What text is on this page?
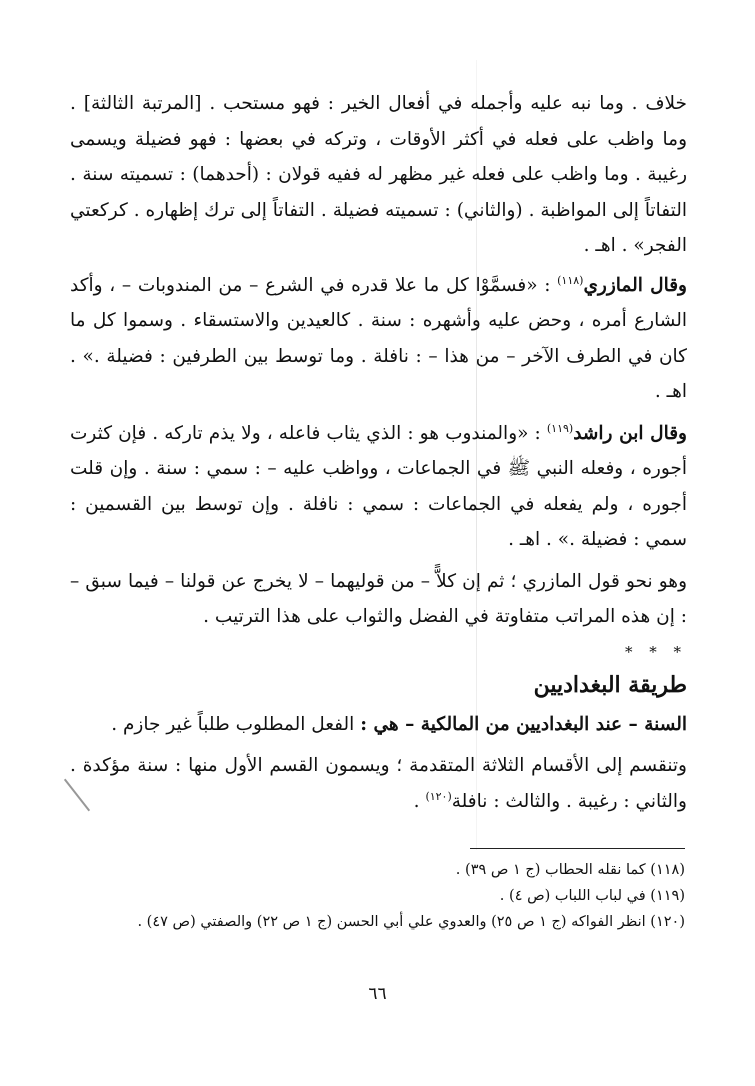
خلاف . وما نبه عليه وأجمله في أفعال الخير : فهو مستحب . [المرتبة الثالثة] . وما واظب على فعله في أكثر الأوقات ، وتركه في بعضها : فهو فضيلة ويسمى رغيبة . وما واظب على فعله غير مظهر له ففيه قولان : (أحدهما) : تسميته سنة . التفاتاً إلى المواظبة . (والثاني) : تسميته فضيلة . التفاتاً إلى ترك إظهاره . كركعتي الفجر» . اهـ .

وقال المازري$^{(١١٨)}$ : «فسمَّوْا كل ما علا قدره في الشرع – من المندوبات – ، وأكد الشارع أمره ، وحض عليه وأشهره : سنة . كالعيدين والاستسقاء . وسموا كل ما كان في الطرف الآخر – من هذا – : نافلة . وما توسط بين الطرفين : فضيلة .» . اهـ .

وقال ابن راشد$^{(١١٩)}$ : «والمندوب هو : الذي يثاب فاعله ، ولا يذم تاركه . فإن كثرت أجوره ، وفعله النبي ﷺ في الجماعات ، وواظب عليه – : سمي : سنة . وإن قلت أجوره ، ولم يفعله في الجماعات : سمي : نافلة . وإن توسط بين القسمين : سمي : فضيلة .» . اهـ .

وهو نحو قول المازري ؛ ثم إن كلاًّ – من قوليهما – لا يخرج عن قولنا – فيما سبق – : إن هذه المراتب متفاوتة في الفضل والثواب على هذا الترتيب .

* * *
طريقة البغداديين

السنة – عند البغداديين من المالكية – هي : الفعل المطلوب طلباً غير جازم .

وتنقسم إلى الأقسام الثلاثة المتقدمة ؛ ويسمون القسم الأول منها : سنة مؤكدة . والثاني : رغيبة . والثالث : نافلة$^{(١٢٠)}$ .

(١١٨) كما نقله الحطاب (ج ١ ص ٣٩) .

(١١٩) في لباب اللباب (ص ٤) .

(١٢٠) انظر الفواكه (ج ١ ص ٢٥) والعدوي علي أبي الحسن (ج ١ ص ٢٢) والصفتي (ص ٤٧) .

٦٦
